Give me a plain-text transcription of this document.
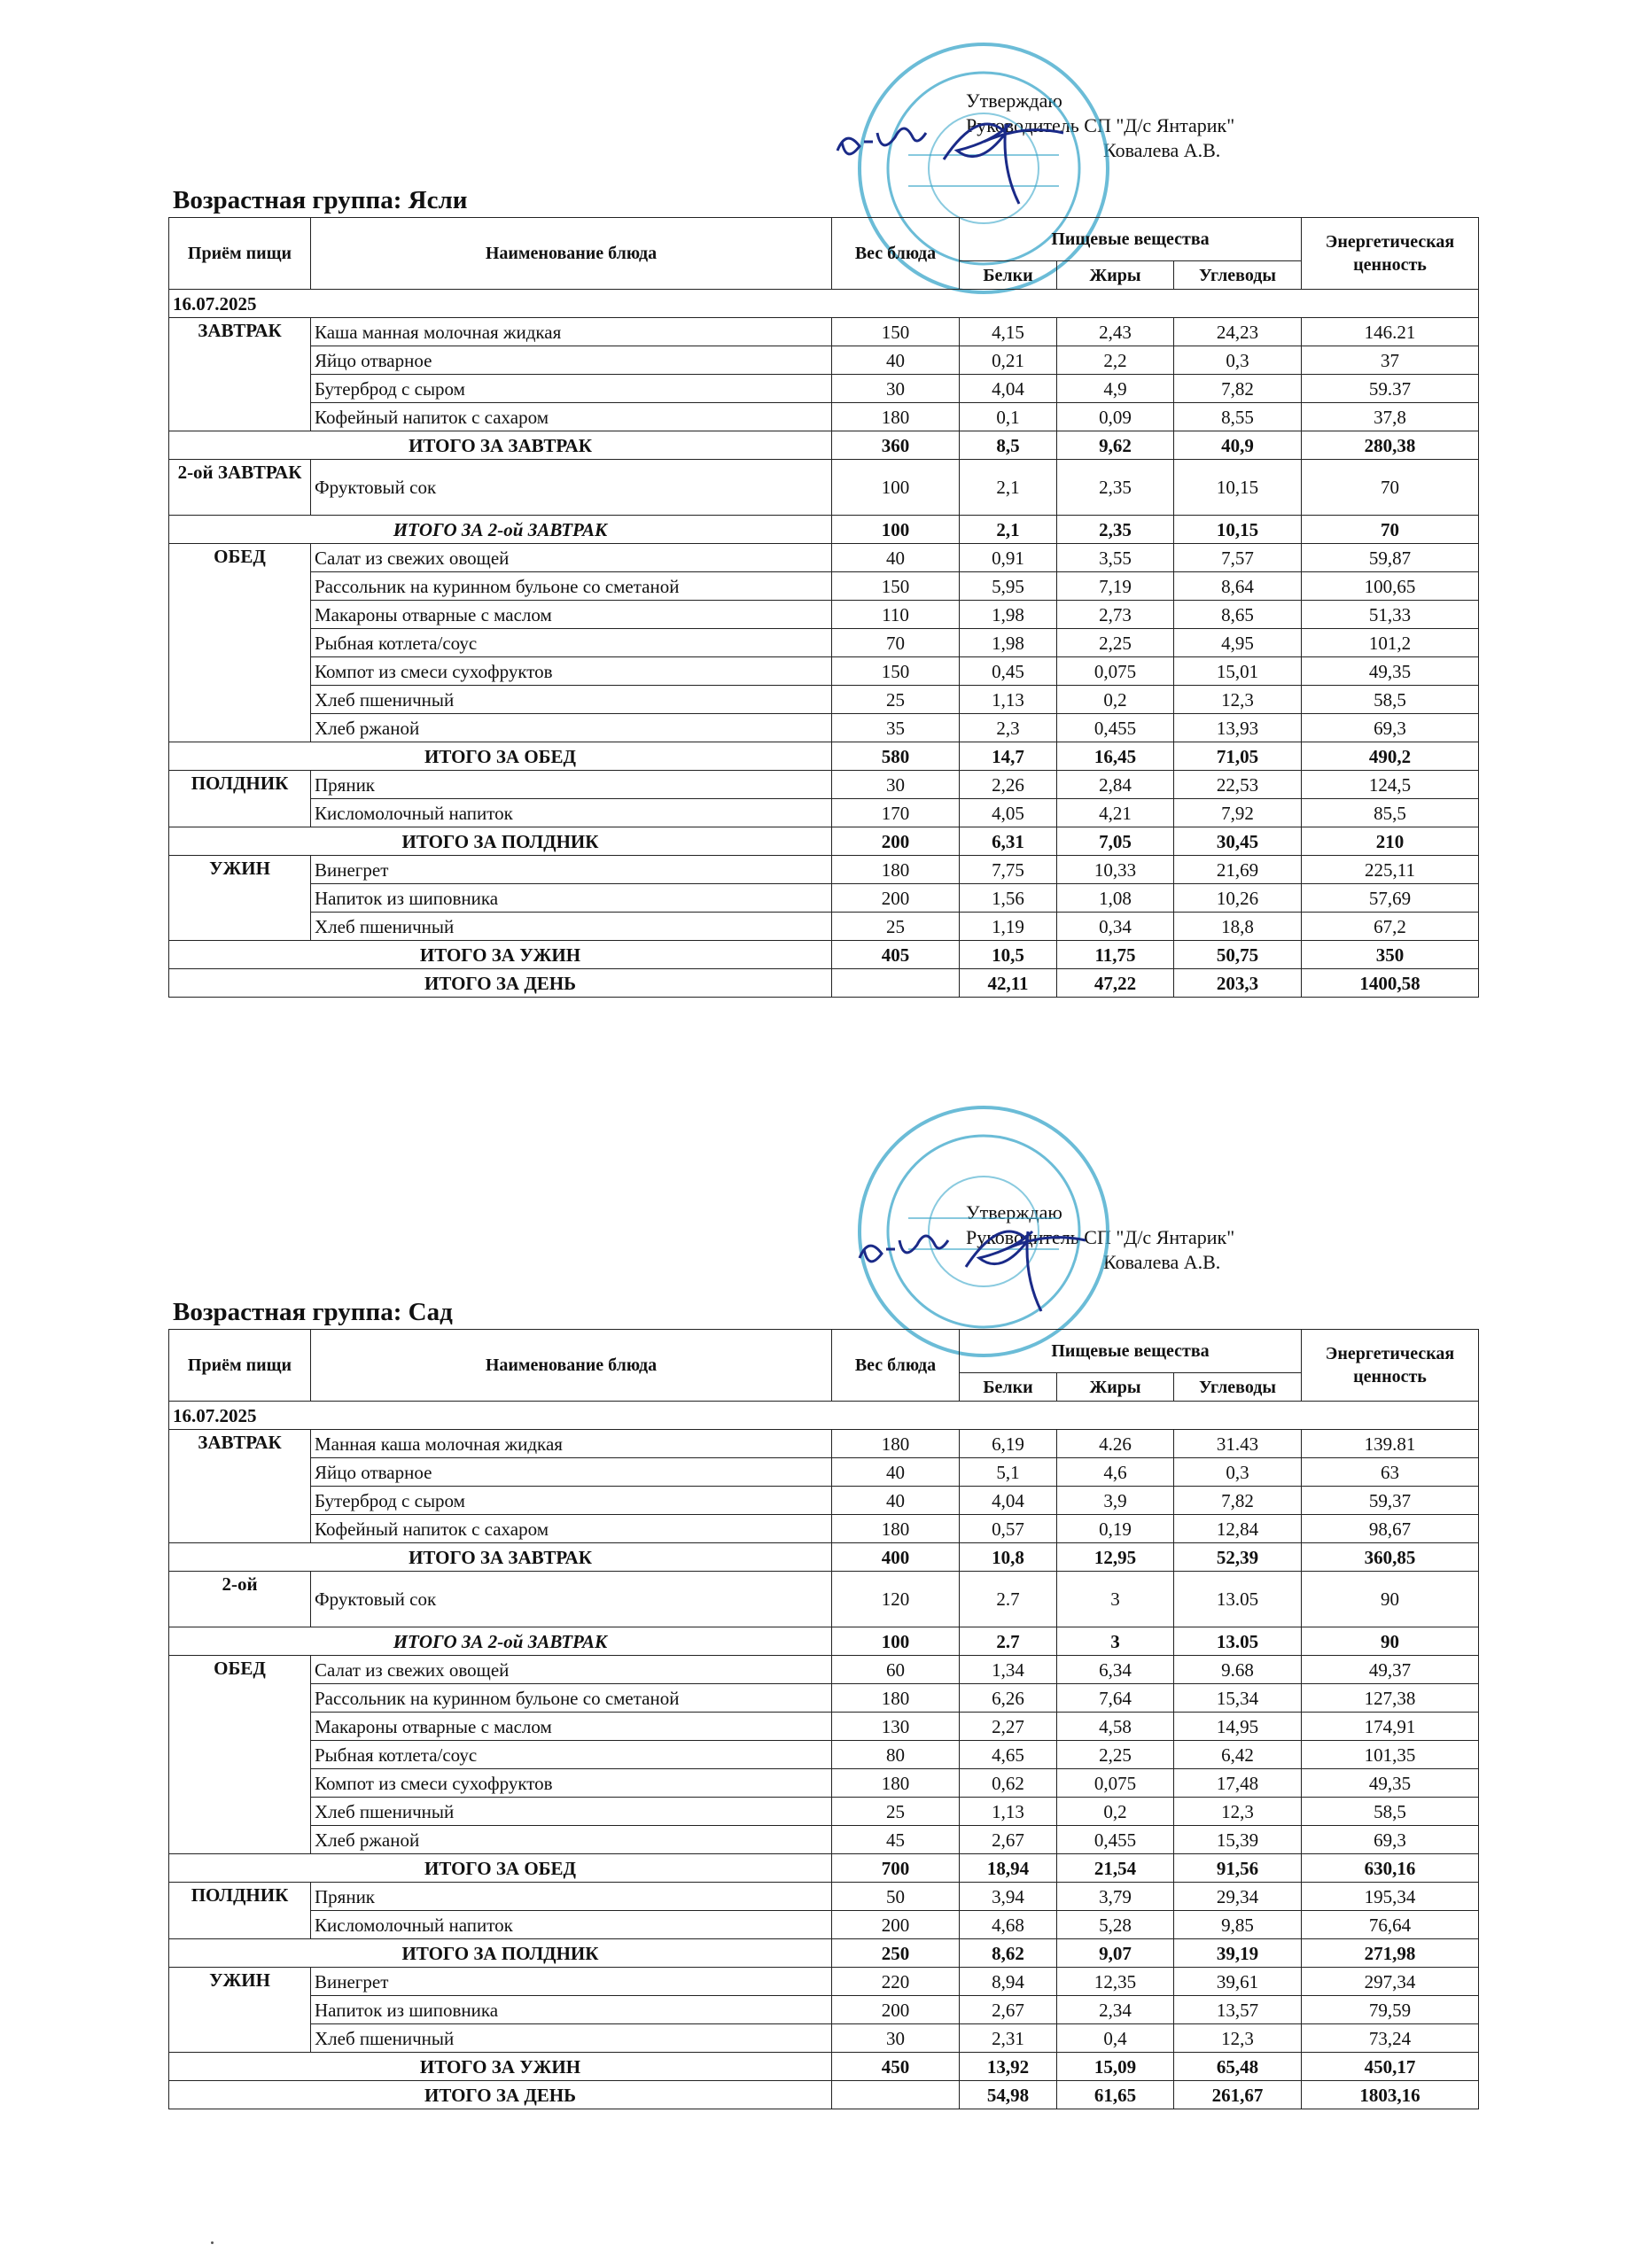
Утверждаю
Руководитель СП "Д/с Янтарик"
Ковалева А.В.
Возрастная группа: Ясли
Приём пищи	Наименование блюда	Вес блюда	Пищевые вещества			Энергетическая ценность
			Белки	Жиры	Углеводы	
16.07.2025						
ЗАВТРАК	Каша манная молочная жидкая	150	4,15	2,43	24,23	146.21
	Яйцо отварное	40	0,21	2,2	0,3	37
	Бутерброд с сыром	30	4,04	4,9	7,82	59.37
	Кофейный напиток с сахаром	180	0,1	0,09	8,55	37,8
ИТОГО ЗА ЗАВТРАК		360	8,5	9,62	40,9	280,38
2-ой ЗАВТРАК	Фруктовый сок	100	2,1	2,35	10,15	70
ИТОГО ЗА 2-ой ЗАВТРАК		100	2,1	2,35	10,15	70
ОБЕД	Салат из свежих овощей	40	0,91	3,55	7,57	59,87
	Рассольник на куринном бульоне со сметаной	150	5,95	7,19	8,64	100,65
	Макароны отварные с маслом	110	1,98	2,73	8,65	51,33
	Рыбная котлета/соус	70	1,98	2,25	4,95	101,2
	Компот из смеси сухофруктов	150	0,45	0,075	15,01	49,35
	Хлеб пшеничный	25	1,13	0,2	12,3	58,5
	Хлеб ржаной	35	2,3	0,455	13,93	69,3
ИТОГО ЗА ОБЕД		580	14,7	16,45	71,05	490,2
ПОЛДНИК	Пряник	30	2,26	2,84	22,53	124,5
	Кисломолочный напиток	170	4,05	4,21	7,92	85,5
ИТОГО ЗА ПОЛДНИК		200	6,31	7,05	30,45	210
УЖИН	Винегрет	180	7,75	10,33	21,69	225,11
	Напиток из шиповника	200	1,56	1,08	10,26	57,69
	Хлеб пшеничный	25	1,19	0,34	18,8	67,2
ИТОГО ЗА УЖИН		405	10,5	11,75	50,75	350
ИТОГО ЗА ДЕНЬ			42,11	47,22	203,3	1400,58
Утверждаю
Руководитель СП "Д/с Янтарик"
Ковалева А.В.
Возрастная группа: Сад
Приём пищи	Наименование блюда	Вес блюда	Пищевые вещества			Энергетическая ценность
			Белки	Жиры	Углеводы	
16.07.2025						
ЗАВТРАК	Манная каша молочная жидкая	180	6,19	4.26	31.43	139.81
	Яйцо отварное	40	5,1	4,6	0,3	63
	Бутерброд с сыром	40	4,04	3,9	7,82	59,37
	Кофейный напиток с сахаром	180	0,57	0,19	12,84	98,67
ИТОГО ЗА ЗАВТРАК		400	10,8	12,95	52,39	360,85
2-ой	Фруктовый сок	120	2.7	3	13.05	90
ИТОГО ЗА 2-ой ЗАВТРАК		100	2.7	3	13.05	90
ОБЕД	Салат из свежих овощей	60	1,34	6,34	9.68	49,37
	Рассольник на куринном бульоне со сметаной	180	6,26	7,64	15,34	127,38
	Макароны отварные с маслом	130	2,27	4,58	14,95	174,91
	Рыбная котлета/соус	80	4,65	2,25	6,42	101,35
	Компот из смеси сухофруктов	180	0,62	0,075	17,48	49,35
	Хлеб пшеничный	25	1,13	0,2	12,3	58,5
	Хлеб ржаной	45	2,67	0,455	15,39	69,3
ИТОГО ЗА ОБЕД		700	18,94	21,54	91,56	630,16
ПОЛДНИК	Пряник	50	3,94	3,79	29,34	195,34
	Кисломолочный напиток	200	4,68	5,28	9,85	76,64
ИТОГО ЗА ПОЛДНИК		250	8,62	9,07	39,19	271,98
УЖИН	Винегрет	220	8,94	12,35	39,61	297,34
	Напиток из шиповника	200	2,67	2,34	13,57	79,59
	Хлеб пшеничный	30	2,31	0,4	12,3	73,24
ИТОГО ЗА УЖИН		450	13,92	15,09	65,48	450,17
ИТОГО ЗА ДЕНЬ			54,98	61,65	261,67	1803,16
